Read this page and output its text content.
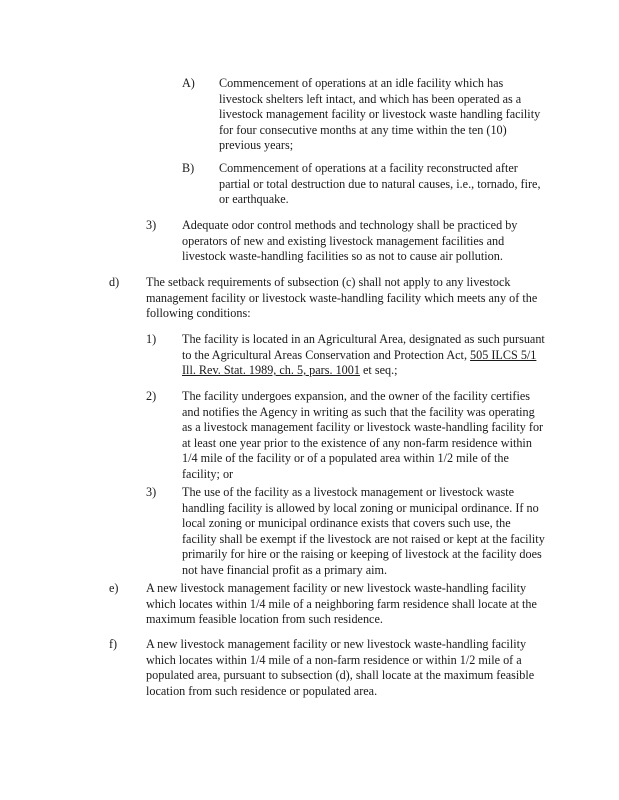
A) Commencement of operations at an idle facility which has
livestock shelters left intact, and which has been operated as a
livestock management facility or livestock waste handling facility
for four consecutive months at any time within the ten (10)
previous years;
B) Commencement of operations at a facility reconstructed after
partial or total destruction due to natural causes, i.e., tornado, fire,
or earthquake.
3) Adequate odor control methods and technology shall be practiced by
operators of new and existing livestock management facilities and
livestock waste-handling facilities so as not to cause air pollution.
d) The setback requirements of subsection (c) shall not apply to any livestock
management facility or livestock waste-handling facility which meets any of the
following conditions:
1) The facility is located in an Agricultural Area, designated as such pursuant
to the Agricultural Areas Conservation and Protection Act, 505 ILCS 5/1
Ill. Rev. Stat. 1989, ch. 5, pars. 1001 et seq.;
2) The facility undergoes expansion, and the owner of the facility certifies
and notifies the Agency in writing as such that the facility was operating
as a livestock management facility or livestock waste-handling facility for
at least one year prior to the existence of any non-farm residence within
1/4 mile of the facility or of a populated area within 1/2 mile of the
facility; or
3) The use of the facility as a livestock management or livestock waste
handling facility is allowed by local zoning or municipal ordinance. If no
local zoning or municipal ordinance exists that covers such use, the
facility shall be exempt if the livestock are not raised or kept at the facility
primarily for hire or the raising or keeping of livestock at the facility does
not have financial profit as a primary aim.
e) A new livestock management facility or new livestock waste-handling facility
which locates within 1/4 mile of a neighboring farm residence shall locate at the
maximum feasible location from such residence.
f) A new livestock management facility or new livestock waste-handling facility
which locates within 1/4 mile of a non-farm residence or within 1/2 mile of a
populated area, pursuant to subsection (d), shall locate at the maximum feasible
location from such residence or populated area.
